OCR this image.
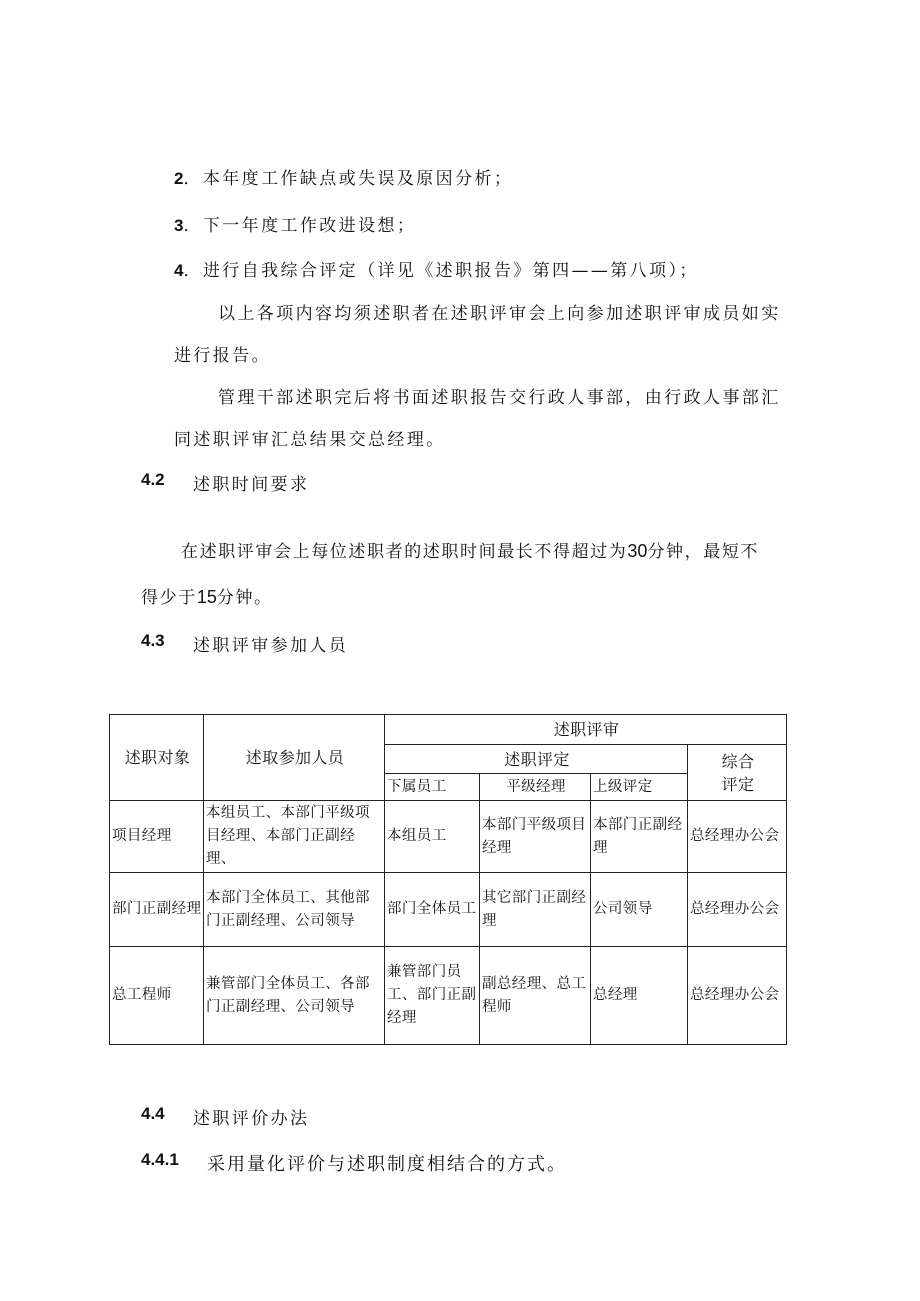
2．本年度工作缺点或失误及原因分析；
3．下一年度工作改进设想；
4．进行自我综合评定（详见《述职报告》第四——第八项）；
以上各项内容均须述职者在述职评审会上向参加述职评审成员如实
进行报告。
管理干部述职完后将书面述职报告交行政人事部，由行政人事部汇
同述职评审汇总结果交总经理。
4.2 述职时间要求
在述职评审会上每位述职者的述职时间最长不得超过为30分钟，最短不
得少于15分钟。
4.3 述职评审参加人员
述职对象	述取参加人员	述职评审			
		述职评定			综合
评定

		下属员工	平级经理	上级评定	
项目经理	本组员工、本部门平级项目经理、本部门正副经理、	本组员工	本部门平级项目经理	本部门正副经理	总经理办公会
部门正副经理	本部门全体员工、其他部门正副经理、公司领导	部门全体员工	其它部门正副经理	公司领导	总经理办公会
总工程师	兼管部门全体员工、各部门正副经理、公司领导	兼管部门员工、部门正副经理	副总经理、总工程师	总经理	总经理办公会
4.4 述职评价办法
4.4.1 采用量化评价与述职制度相结合的方式。
